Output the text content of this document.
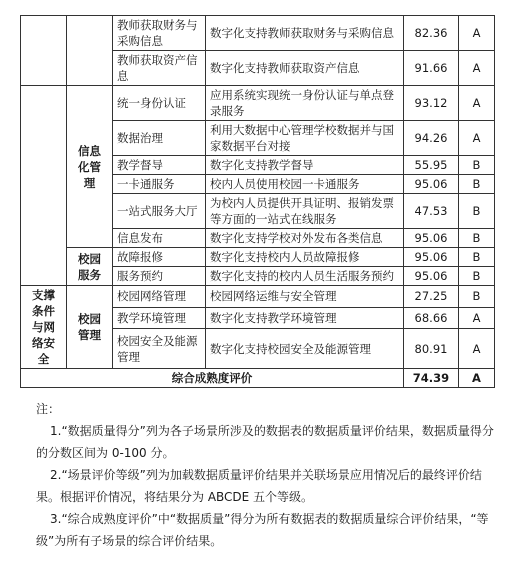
		教师获取财务与采购信息	数字化支持教师获取财务与采购信息	82.36	A
		教师获取资产信息	数字化支持教师获取资产信息	91.66	A

	信息化管理	统一身份认证	应用系统实现统一身份认证与单点登录服务	93.12	A
		数据治理	利用大数据中心管理学校数据并与国家数据平台对接	94.26	A
		教学督导	数字化支持教学督导	55.95	B
		一卡通服务	校内人员使用校园一卡通服务	95.06	B
		一站式服务大厅	为校内人员提供开具证明、报销发票等方面的一站式在线服务	47.53	B
		信息发布	数字化支持学校对外发布各类信息	95.06	B

	校园服务	故障报修	数字化支持校内人员故障报修	95.06	B
		服务预约	数字化支持的校内人员生活服务预约	95.06	B

支撑条件与网络安全	校园管理	校园网络管理	校园网络运维与安全管理	27.25	B
		教学环境管理	数字化支持教学环境管理	68.66	A
		校园安全及能源管理	数字化支持校园安全及能源管理	80.91	A
综合成熟度评价				74.39	A

注：

1.“数据质量得分”列为各子场景所涉及的数据表的数据质量评价结果，数据质量得分的分数区间为 0-100 分。

2.“场景评价等级”列为加载数据质量评价结果并关联场景应用情况后的最终评价结果。根据评价情况，将结果分为 ABCDE 五个等级。

3.“综合成熟度评价”中“数据质量”得分为所有数据表的数据质量综合评价结果，“等级”为所有子场景的综合评价结果。
